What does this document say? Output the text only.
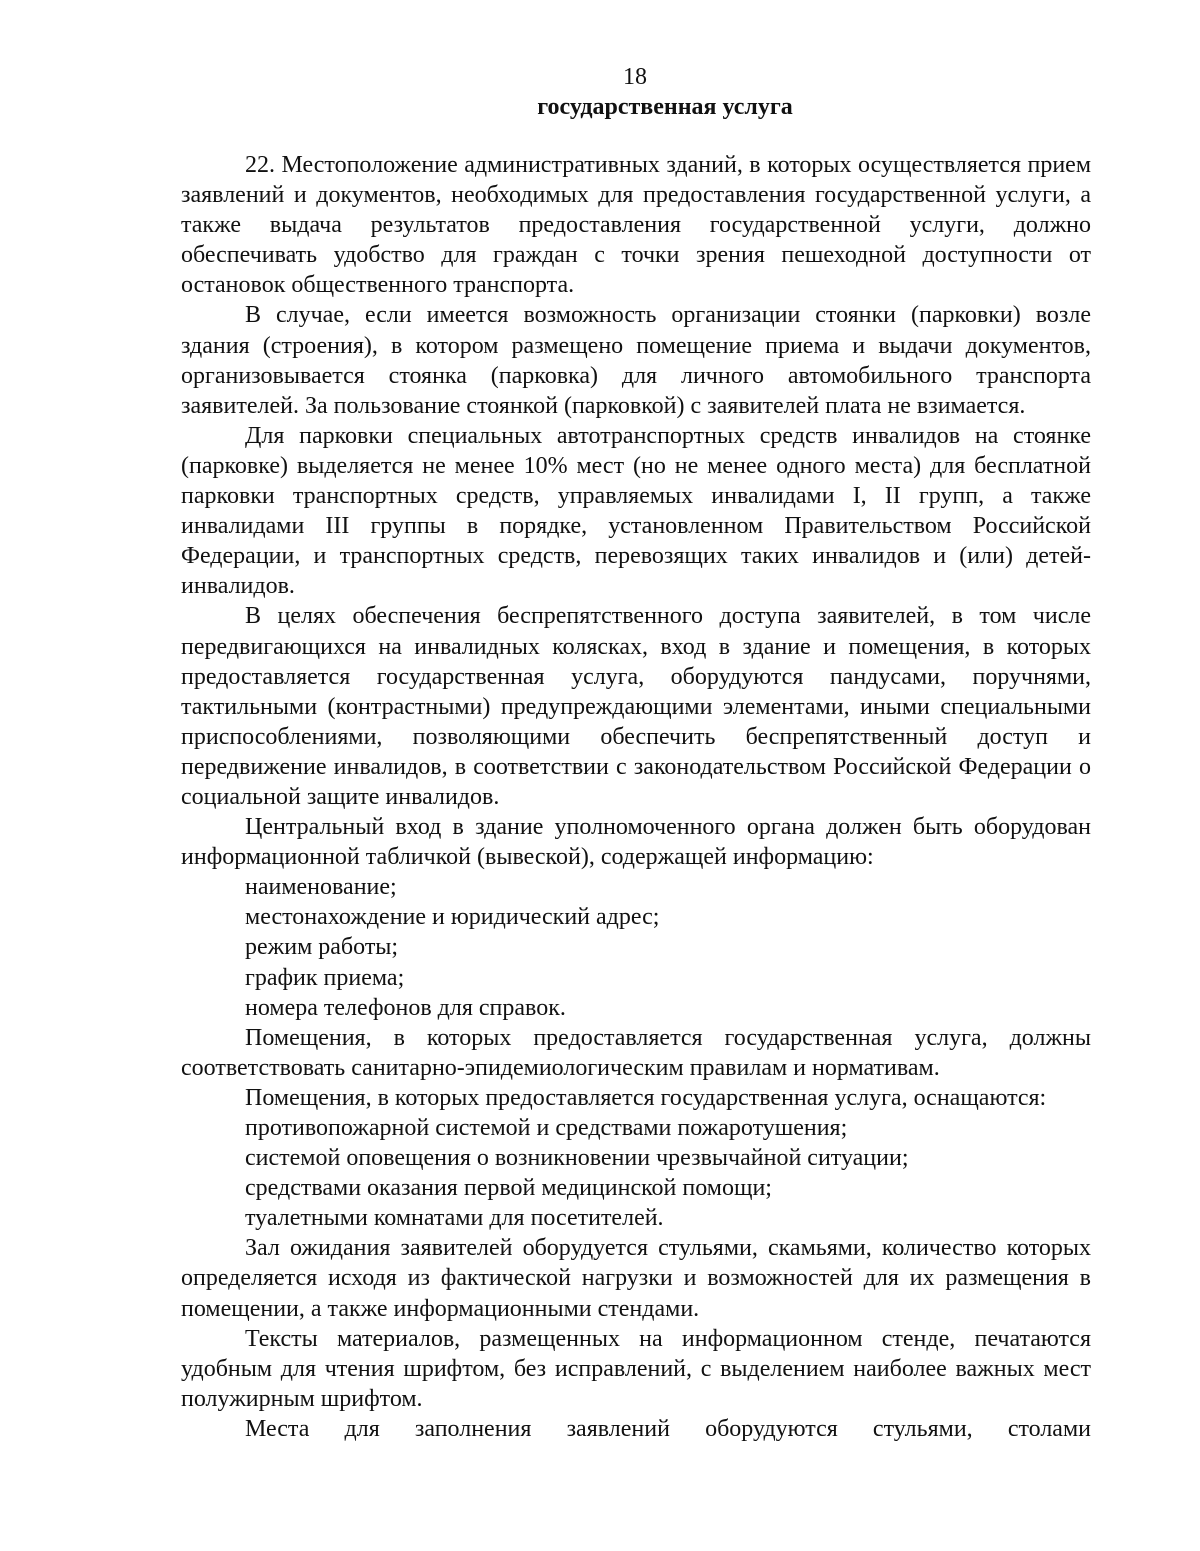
18
государственная услуга

22. Местоположение административных зданий, в которых осуществляется прием заявлений и документов, необходимых для предоставления государственной услуги, а также выдача результатов предоставления государственной услуги, должно обеспечивать удобство для граждан с точки зрения пешеходной доступности от остановок общественного транспорта.

В случае, если имеется возможность организации стоянки (парковки) возле здания (строения), в котором размещено помещение приема и выдачи документов, организовывается стоянка (парковка) для личного автомобильного транспорта заявителей. За пользование стоянкой (парковкой) с заявителей плата не взимается.

Для парковки специальных автотранспортных средств инвалидов на стоянке (парковке) выделяется не менее 10% мест (но не менее одного места) для бесплатной парковки транспортных средств, управляемых инвалидами I, II групп, а также инвалидами III группы в порядке, установленном Правительством Российской Федерации, и транспортных средств, перевозящих таких инвалидов и (или) детей-инвалидов.

В целях обеспечения беспрепятственного доступа заявителей, в том числе передвигающихся на инвалидных колясках, вход в здание и помещения, в которых предоставляется государственная услуга, оборудуются пандусами, поручнями, тактильными (контрастными) предупреждающими элементами, иными специальными приспособлениями, позволяющими обеспечить беспрепятственный доступ и передвижение инвалидов, в соответствии с законодательством Российской Федерации о социальной защите инвалидов.

Центральный вход в здание уполномоченного органа должен быть оборудован информационной табличкой (вывеской), содержащей информацию:

наименование;

местонахождение и юридический адрес;

режим работы;

график приема;

номера телефонов для справок.

Помещения, в которых предоставляется государственная услуга, должны соответствовать санитарно-эпидемиологическим правилам и нормативам.

Помещения, в которых предоставляется государственная услуга, оснащаются:

противопожарной системой и средствами пожаротушения;

системой оповещения о возникновении чрезвычайной ситуации;

средствами оказания первой медицинской помощи;

туалетными комнатами для посетителей.

Зал ожидания заявителей оборудуется стульями, скамьями, количество которых определяется исходя из фактической нагрузки и возможностей для их размещения в помещении, а также информационными стендами.

Тексты материалов, размещенных на информационном стенде, печатаются удобным для чтения шрифтом, без исправлений, с выделением наиболее важных мест полужирным шрифтом.

Места для заполнения заявлений оборудуются стульями, столами
